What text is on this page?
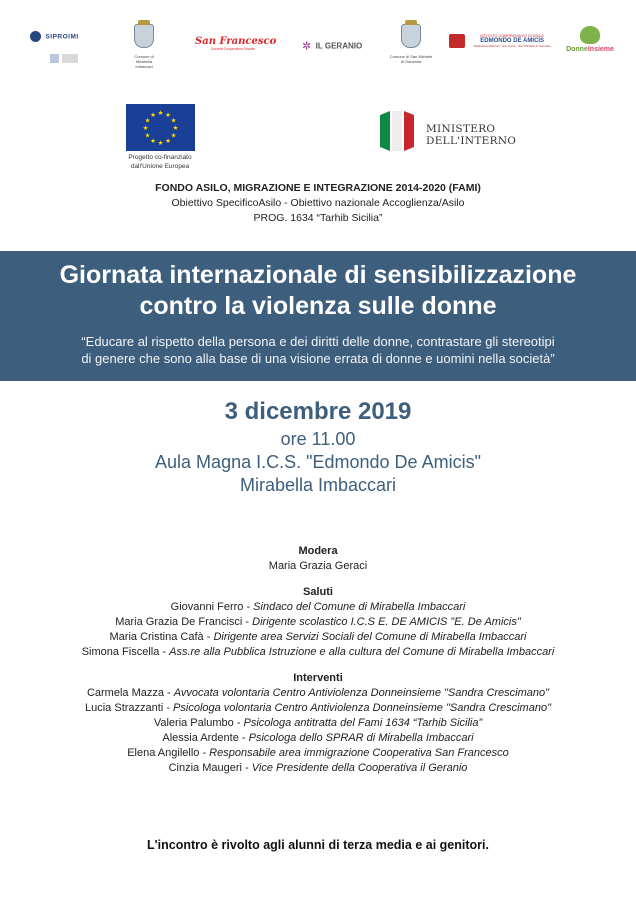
SIPROIMI
Comune di Mirabella Imbaccari
San Francesco
Società Cooperativa Sociale	✲ IL GERANIO
Comune di San Michele di Ganzaria

ISTITUTO COMPRENSIVO STATALE
EDMONDO DE AMICIS
Mirabella Imbaccari - San Cono - San Michele di Ganzaria DonneInsieme
★
★
★
★
★
★
★
★
★ ★ ★
★
Progetto co-finanziato
dall'Unione Europea
MINISTERO
DELL'INTERNO
FONDO ASILO, MIGRAZIONE E INTEGRAZIONE 2014-2020 (FAMI)
Obiettivo SpecificoAsilo - Obiettivo nazionale Accoglienza/Asilo
PROG. 1634 “Tarhib Sicilia”
Giornata internazionale di sensibilizzazione
contro la violenza sulle donne
“Educare al rispetto della persona e dei diritti delle donne, contrastare gli stereotipi
di genere che sono alla base di una visione errata di donne e uomini nella società”
3 dicembre 2019
ore 11.00
Aula Magna I.C.S. "Edmondo De Amicis"
Mirabella Imbaccari
Modera
Maria Grazia Geraci
Saluti
Giovanni Ferro - Sindaco del Comune di Mirabella Imbaccari
Maria Grazia De Francisci - Dirigente scolastico I.C.S E. DE AMICIS "E. De Amicis"
Maria Cristina Cafà - Dirigente area Servizi Sociali del Comune di Mirabella Imbaccari
Simona Fiscella - Ass.re alla Pubblica Istruzione e alla cultura del Comune di Mirabella Imbaccari
Interventi
Carmela Mazza - Avvocata volontaria Centro Antiviolenza Donneinsieme "Sandra Crescimano"
Lucia Strazzanti - Psicologa volontaria Centro Antiviolenza Donneinsieme "Sandra Crescimano"
Valeria Palumbo - Psicologa antitratta del Fami 1634 “Tarhib Sicilia”
Alessia Ardente - Psicologa dello SPRAR di Mirabella Imbaccari
Elena Angilello - Responsabile area immigrazione Cooperativa San Francesco
Cinzia Maugeri - Vice Presidente della Cooperativa il Geranio
L'incontro è rivolto agli alunni di terza media e ai genitori.
